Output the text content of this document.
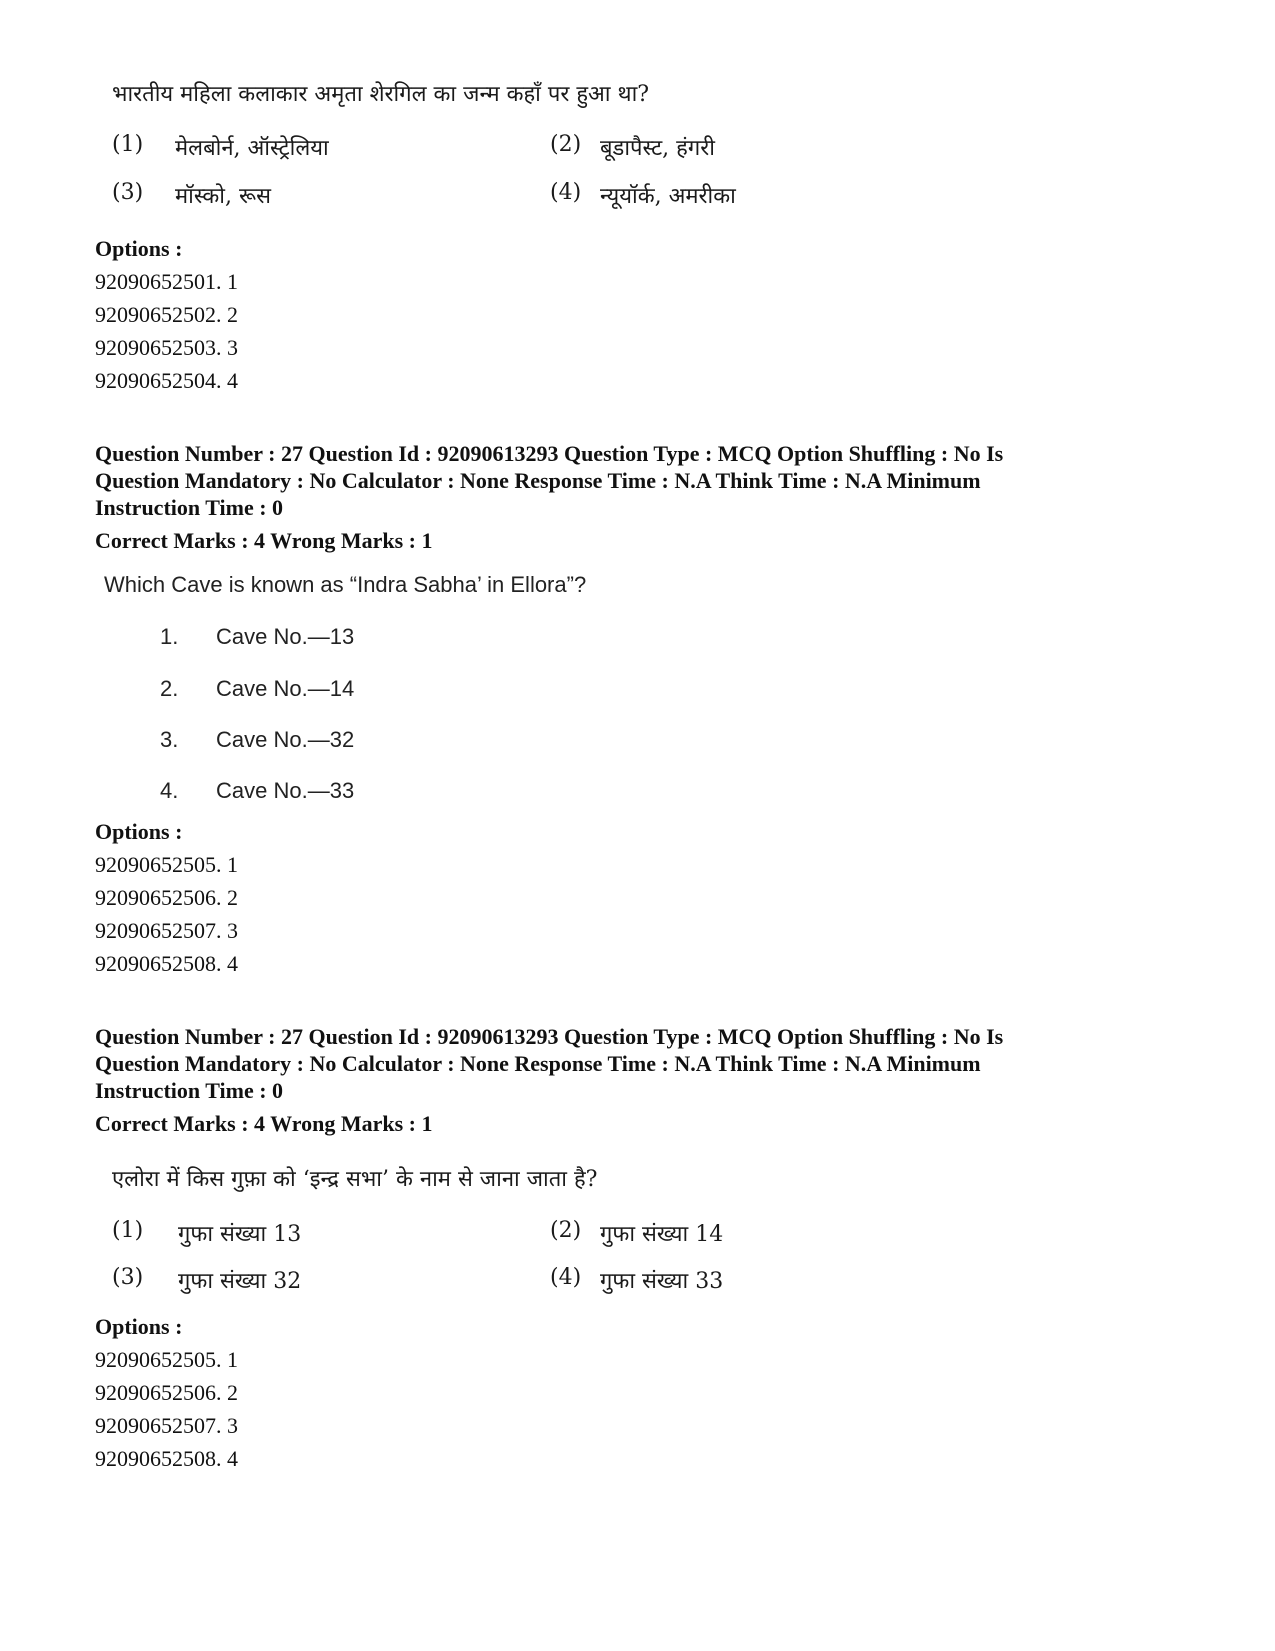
भारतीय महिला कलाकार अमृता शेरगिल का जन्म कहाँ पर हुआ था?
(1) मेलबोर्न, ऑस्ट्रेलिया	(2) बूडापैस्ट, हंगरी
(3) मॉस्को, रूस	(4) न्यूयॉर्क, अमरीका
Options :
92090652501. 1
92090652502. 2
92090652503. 3
92090652504. 4
Question Number : 27 Question Id : 92090613293 Question Type : MCQ Option Shuffling : No Is
Question Mandatory : No Calculator : None Response Time : N.A Think Time : N.A Minimum
Instruction Time : 0
Correct Marks : 4 Wrong Marks : 1
Which Cave is known as “Indra Sabha’ in Ellora”?
1. Cave No.—13
2. Cave No.—14
3. Cave No.—32
4. Cave No.—33
Options :
92090652505. 1
92090652506. 2
92090652507. 3
92090652508. 4
Question Number : 27 Question Id : 92090613293 Question Type : MCQ Option Shuffling : No Is
Question Mandatory : No Calculator : None Response Time : N.A Think Time : N.A Minimum
Instruction Time : 0
Correct Marks : 4 Wrong Marks : 1
एलोरा में किस गुफ़ा को ‘इन्द्र सभा’ के नाम से जाना जाता है?
(1) गुफा संख्या 13	(2) गुफा संख्या 14
(3) गुफा संख्या 32	(4) गुफा संख्या 33
Options :
92090652505. 1
92090652506. 2
92090652507. 3
92090652508. 4
